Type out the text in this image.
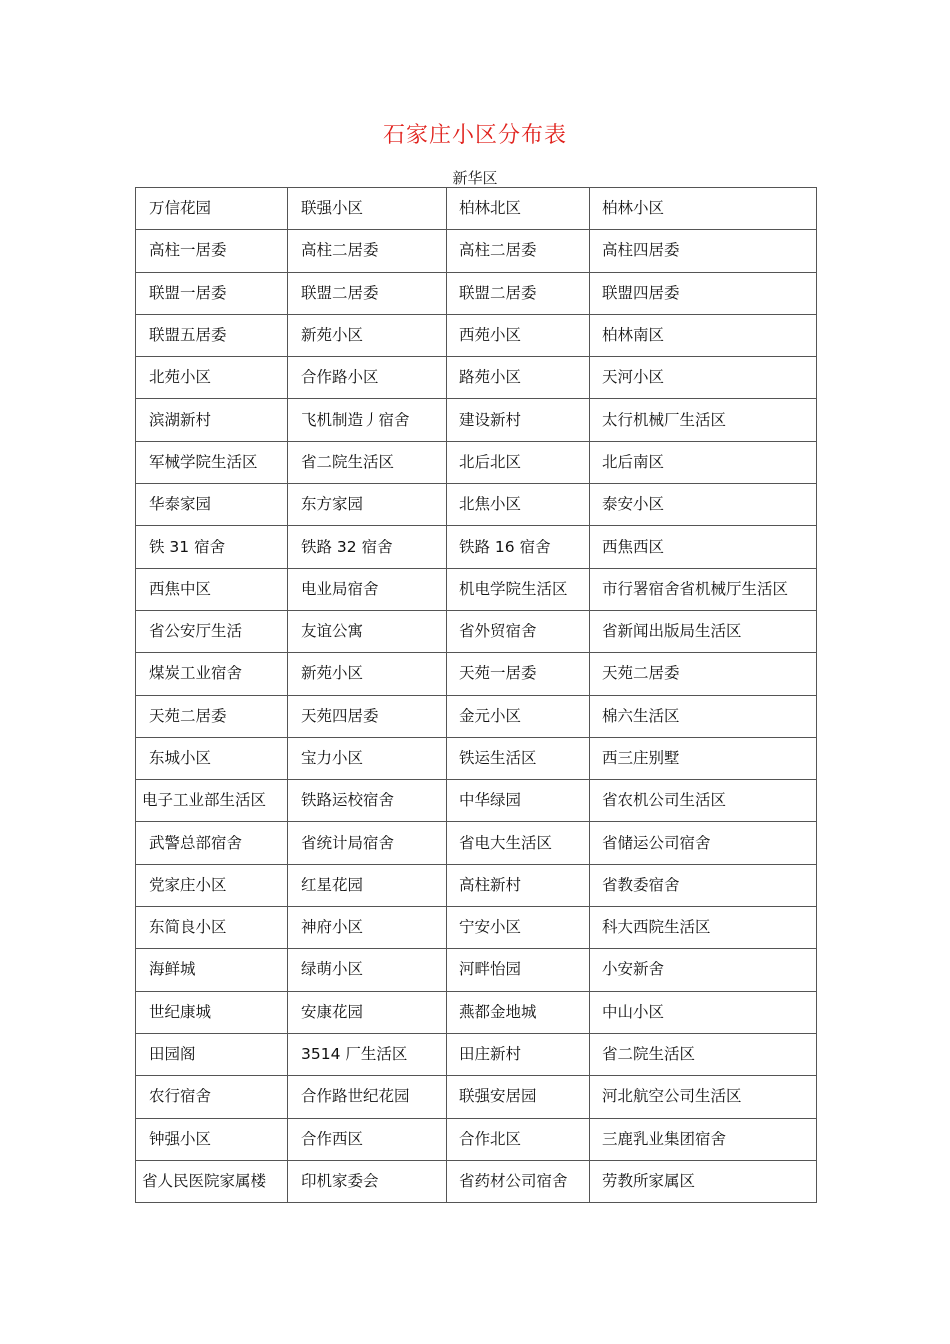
石家庄小区分布表
新华区
万信花园	联强小区	柏林北区	柏林小区
高柱一居委	高柱二居委	高柱二居委	高柱四居委
联盟一居委	联盟二居委	联盟二居委	联盟四居委
联盟五居委	新苑小区	西苑小区	柏林南区
北苑小区	合作路小区	路苑小区	天河小区
滨湖新村	飞机制造丿宿舍	建设新村	太行机械厂生活区
军械学院生活区	省二院生活区	北后北区	北后南区
华泰家园	东方家园	北焦小区	泰安小区
铁 31 宿舍	铁路 32 宿舍	铁路 16 宿舍	西焦西区
西焦中区	电业局宿舍	机电学院生活区	市行署宿舍省机械厅生活区
省公安厅生活	友谊公寓	省外贸宿舍	省新闻出版局生活区
煤炭工业宿舍	新苑小区	天苑一居委	天苑二居委
天苑二居委	天苑四居委	金元小区	棉六生活区
东城小区	宝力小区	铁运生活区	西三庄别墅
电子工业部生活区	铁路运校宿舍	中华绿园	省农机公司生活区
武警总部宿舍	省统计局宿舍	省电大生活区	省储运公司宿舍
党家庄小区	红星花园	高柱新村	省教委宿舍
东简良小区	神府小区	宁安小区	科大西院生活区
海鲜城	绿萌小区	河畔怡园	小安新舍
世纪康城	安康花园	燕都金地城	中山小区
田园阁	3514 厂生活区	田庄新村	省二院生活区
农行宿舍	合作路世纪花园	联强安居园	河北航空公司生活区
钟强小区	合作西区	合作北区	三鹿乳业集团宿舍
省人民医院家属楼	印机家委会	省药材公司宿舍	劳教所家属区
